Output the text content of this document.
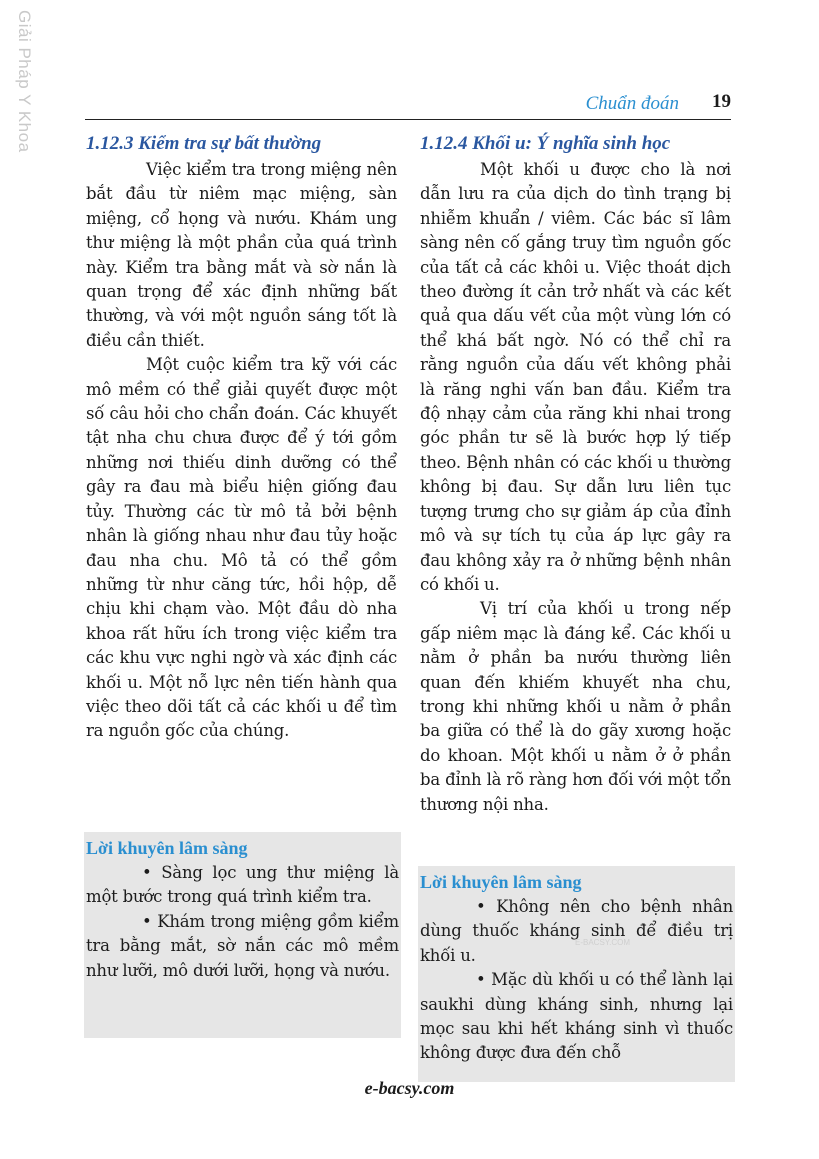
Giải Pháp Y Khoa	Chuẩn đoán 19
1.12.3 Kiểm tra sự bất thường

Việc kiểm tra trong miệng nên bắt đầu từ niêm mạc miệng, sàn miệng, cổ họng và nướu. Khám ung thư miệng là một phần của quá trình này. Kiểm tra bằng mắt và sờ nắn là quan trọng để xác định những bất thường, và với một nguồn sáng tốt là điều cần thiết.

Một cuộc kiểm tra kỹ với các mô mềm có thể giải quyết được một số câu hỏi cho chẩn đoán. Các khuyết tật nha chu chưa được để ý tới gồm những nơi thiếu dinh dưỡng có thể gây ra đau mà biểu hiện giống đau tủy. Thường các từ mô tả bởi bệnh nhân là giống nhau như đau tủy hoặc đau nha chu. Mô tả có thể gồm những từ như căng tức, hồi hộp, dễ chịu khi chạm vào. Một đầu dò nha khoa rất hữu ích trong việc kiểm tra các khu vực nghi ngờ và xác định các khối u. Một nỗ lực nên tiến hành qua việc theo dõi tất cả các khối u để tìm ra nguồn gốc của chúng.

1.12.4 Khối u: Ý nghĩa sinh học

Một khối u được cho là nơi dẫn lưu ra của dịch do tình trạng bị nhiễm khuẩn / viêm. Các bác sĩ lâm sàng nên cố gắng truy tìm nguồn gốc của tất cả các khôi u. Việc thoát dịch theo đường ít cản trở nhất và các kết quả qua dấu vết của một vùng lớn có thể khá bất ngờ. Nó có thể chỉ ra rằng nguồn của dấu vết không phải là răng nghi vấn ban đầu. Kiểm tra độ nhạy cảm của răng khi nhai trong góc phần tư sẽ là bước hợp lý tiếp theo. Bệnh nhân có các khối u thường không bị đau. Sự dẫn lưu liên tục tượng trưng cho sự giảm áp của đỉnh mô và sự tích tụ của áp lực gây ra đau không xảy ra ở những bệnh nhân có khối u.

Vị trí của khối u trong nếp gấp niêm mạc là đáng kể. Các khối u nằm ở phần ba nướu thường liên quan đến khiếm khuyết nha chu, trong khi những khối u nằm ở phần ba giữa có thể là do gãy xương hoặc do khoan. Một khối u nằm ở ở phần ba đỉnh là rõ ràng hơn đối với một tổn thương nội nha.

Lời khuyên lâm sàng

• Sàng lọc ung thư miệng là một bước trong quá trình kiểm tra.

• Khám trong miệng gồm kiểm tra bằng mắt, sờ nắn các mô mềm như lưỡi, mô dưới lưỡi, họng và nướu.

Lời khuyên lâm sàng

• Không nên cho bệnh nhân dùng thuốc kháng sinh để điều trị khối u.

• Mặc dù khối u có thể lành lại saukhi dùng kháng sinh, nhưng lại mọc sau khi hết kháng sinh vì thuốc không được đưa đến chỗ

E-BACSY.COM
e-bacsy.com
